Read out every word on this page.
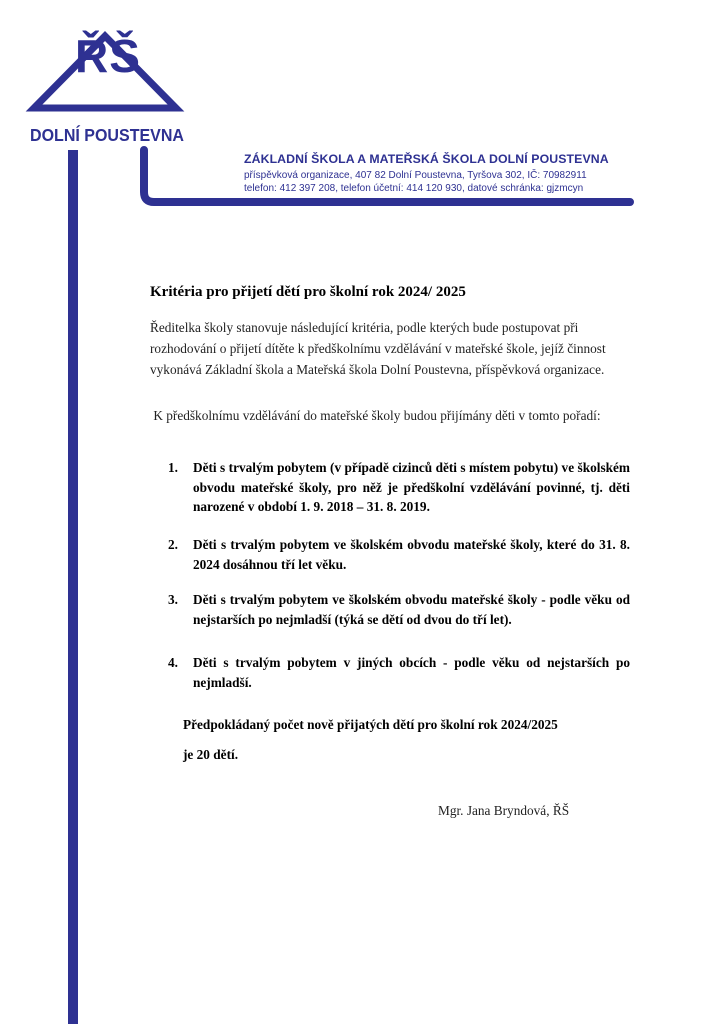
ŘŠ
DOLNÍ POUSTEVNA
ZÁKLADNÍ ŠKOLA A MATEŘSKÁ ŠKOLA DOLNÍ POUSTEVNA
příspěvková organizace, 407 82 Dolní Poustevna, Tyršova 302, IČ: 70982911
telefon: 412 397 208, telefon účetní: 414 120 930, datové schránka: gjzmcyn
Kritéria pro přijetí dětí pro školní rok 2024/ 2025
Ředitelka školy stanovuje následující kritéria, podle kterých bude postupovat při rozhodování o přijetí dítěte k předškolnímu vzdělávání v mateřské škole, jejíž činnost vykonává Základní škola a Mateřská škola Dolní Poustevna, příspěvková organizace.
K předškolnímu vzdělávání do mateřské školy budou přijímány děti v tomto pořadí:
1.	Děti s trvalým pobytem (v případě cizinců děti s místem pobytu) ve školském obvodu mateřské školy, pro něž je předškolní vzdělávání povinné, tj. děti narozené v období 1. 9. 2018 – 31. 8. 2019.
2.	Děti s trvalým pobytem ve školském obvodu mateřské školy, které do 31. 8. 2024 dosáhnou tří let věku.
3.	Děti s trvalým pobytem ve školském obvodu mateřské školy - podle věku od nejstarších po nejmladší (týká se dětí od dvou do tří let).
4.	Děti s trvalým pobytem v jiných obcích - podle věku od nejstarších po nejmladší.
Předpokládaný počet nově přijatých dětí pro školní rok 2024/2025
je 20 dětí.
Mgr. Jana Bryndová, ŘŠ
